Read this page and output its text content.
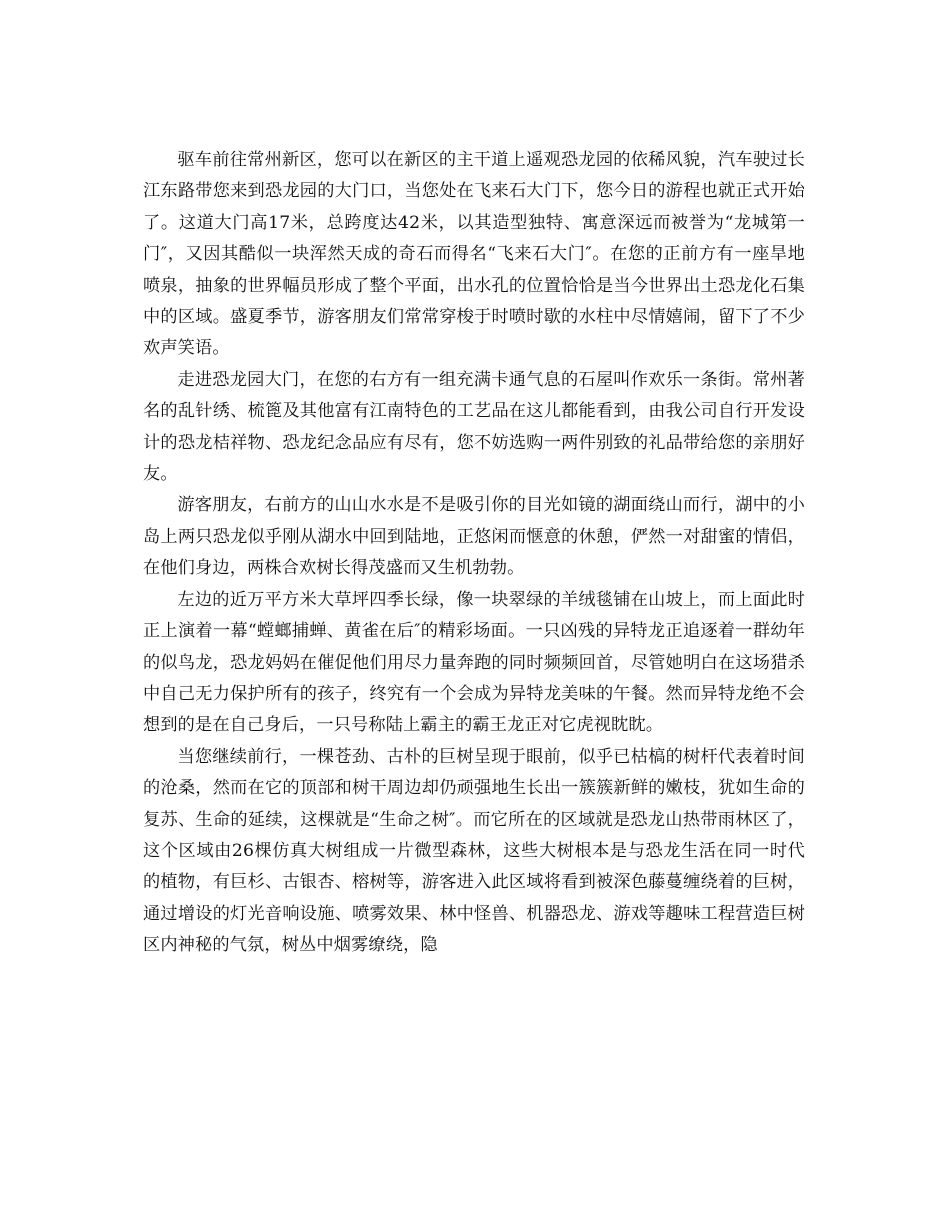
驱车前往常州新区，您可以在新区的主干道上遥观恐龙园的依稀风貌，汽车驶过长江东路带您来到恐龙园的大门口，当您处在飞来石大门下，您今日的游程也就正式开始了。这道大门高17米，总跨度达42米，以其造型独特、寓意深远而被誉为“龙城第一门″，又因其酷似一块浑然天成的奇石而得名“飞来石大门″。在您的正前方有一座旱地喷泉，抽象的世界幅员形成了整个平面，出水孔的位置恰恰是当今世界出土恐龙化石集中的区域。盛夏季节，游客朋友们常常穿梭于时喷时歇的水柱中尽情嬉闹，留下了不少欢声笑语。

走进恐龙园大门，在您的右方有一组充满卡通气息的石屋叫作欢乐一条街。常州著名的乱针绣、梳篦及其他富有江南特色的工艺品在这儿都能看到，由我公司自行开发设计的恐龙桔祥物、恐龙纪念品应有尽有，您不妨选购一两件别致的礼品带给您的亲朋好友。

游客朋友，右前方的山山水水是不是吸引你的目光如镜的湖面绕山而行，湖中的小岛上两只恐龙似乎刚从湖水中回到陆地，正悠闲而惬意的休憩，俨然一对甜蜜的情侣，在他们身边，两株合欢树长得茂盛而又生机勃勃。

左边的近万平方米大草坪四季长绿，像一块翠绿的羊绒毯铺在山坡上，而上面此时正上演着一幕“螳螂捕蝉、黄雀在后″的精彩场面。一只凶残的异特龙正追逐着一群幼年的似鸟龙，恐龙妈妈在催促他们用尽力量奔跑的同时频频回首，尽管她明白在这场猎杀中自己无力保护所有的孩子，终究有一个会成为异特龙美味的午餐。然而异特龙绝不会想到的是在自己身后，一只号称陆上霸主的霸王龙正对它虎视眈眈。

当您继续前行，一棵苍劲、古朴的巨树呈现于眼前，似乎已枯槁的树杆代表着时间的沧桑，然而在它的顶部和树干周边却仍顽强地生长出一簇簇新鲜的嫩枝，犹如生命的复苏、生命的延续，这棵就是“生命之树″。而它所在的区域就是恐龙山热带雨林区了，这个区域由26棵仿真大树组成一片微型森林，这些大树根本是与恐龙生活在同一时代的植物，有巨杉、古银杏、榕树等，游客进入此区域将看到被深色藤蔓缠绕着的巨树，通过增设的灯光音响设施、喷雾效果、林中怪兽、机器恐龙、游戏等趣味工程营造巨树区内神秘的气氛，树丛中烟雾缭绕，隐
